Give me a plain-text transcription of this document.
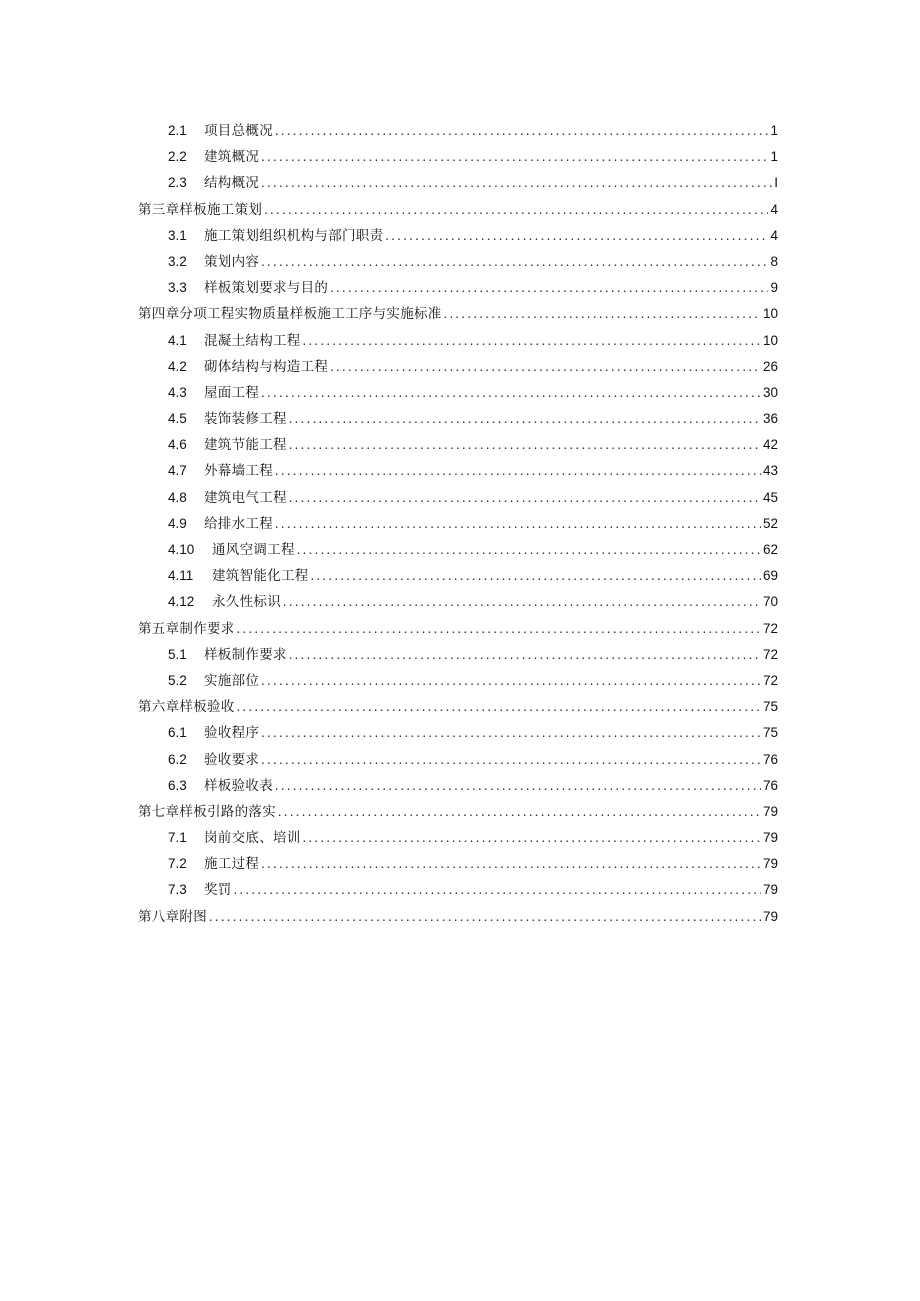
2.1	项目总概况 .....	1
2.2	建筑概况 .....	1
2.3	结构概况 .....	I
第三章样板施工策划 .....	4
3.1	施工策划组织机构与部门职责 .....	4
3.2	策划内容 .....	8
3.3	样板策划要求与目的 .....	9
第四章分项工程实物质量样板施工工序与实施标准 .....	10
4.1	混凝土结构工程 .....	10
4.2	砌体结构与构造工程 .....	26
4.3	屋面工程 .....	30
4.5	装饰装修工程 .....	36
4.6	建筑节能工程 .....	42
4.7	外幕墙工程 .....	43
4.8	建筑电气工程 .....	45
4.9	给排水工程 .....	52
4.10	通风空调工程 .....	62
4.11	建筑智能化工程 .....	69
4.12	永久性标识 .....	70
第五章制作要求 .....	72
5.1	样板制作要求 .....	72
5.2	实施部位 .....	72
第六章样板验收 .....	75
6.1	验收程序 .....	75
6.2	验收要求 .....	76
6.3	样板验收表 .....	76
第七章样板引路的落实 .....	79
7.1	岗前交底、培训 .....	79
7.2	施工过程 .....	79
7.3	奖罚 .....	79
第八章附图 .....	79
